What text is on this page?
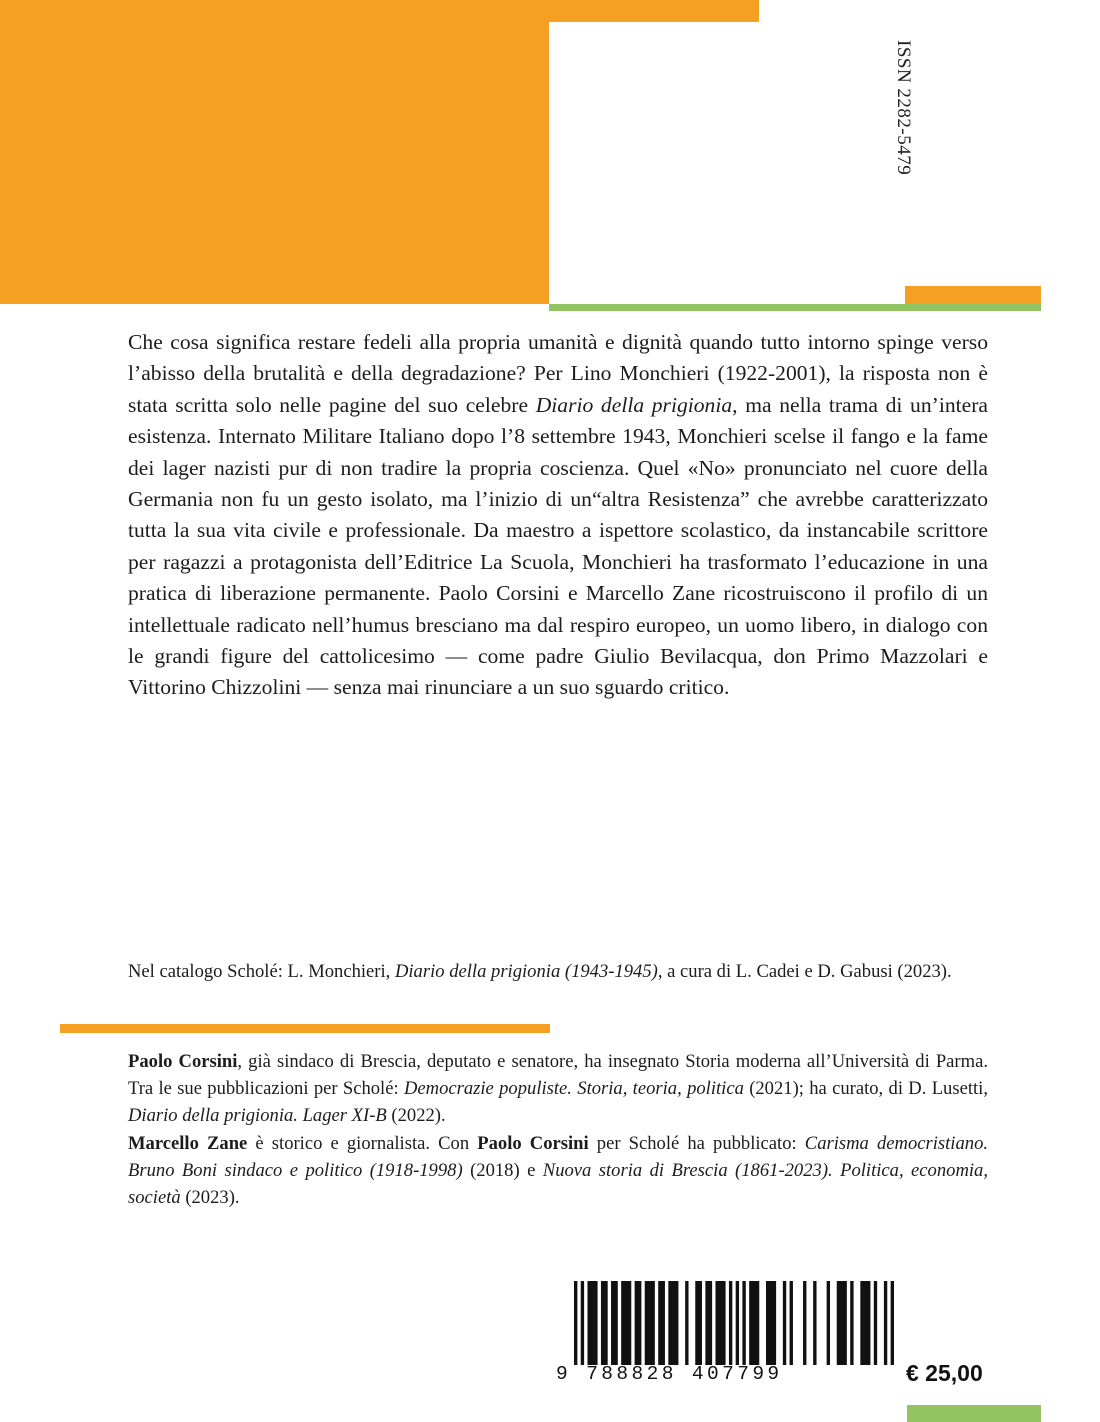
ISSN 2282-5479

Che cosa significa restare fedeli alla propria umanità e dignità quando tutto intorno spinge verso l’abisso della brutalità e della degradazione? Per Lino Monchieri (1922-2001), la risposta non è stata scritta solo nelle pagine del suo celebre Diario della prigionia, ma nella trama di un’intera esistenza. Internato Militare Italiano dopo l’8 settembre 1943, Monchieri scelse il fango e la fame dei lager nazisti pur di non tradire la propria coscienza. Quel «No» pronunciato nel cuore della Germania non fu un gesto isolato, ma l’inizio di un“altra Resistenza” che avrebbe caratterizzato tutta la sua vita civile e professionale. Da maestro a ispettore scolastico, da instancabile scrittore per ragazzi a protagonista dell’Editrice La Scuola, Monchieri ha trasformato l’educazione in una pratica di liberazione permanente. Paolo Corsini e Marcello Zane ricostruiscono il profilo di un intellettuale radicato nell’humus bresciano ma dal respiro europeo, un uomo libero, in dialogo con le grandi figure del cattolicesimo — come padre Giulio Bevilacqua, don Primo Mazzolari e Vittorino Chizzolini — senza mai rinunciare a un suo sguardo critico.

Nel catalogo Scholé: L. Monchieri, Diario della prigionia (1943-1945), a cura di L. Cadei e D. Gabusi (2023).

Paolo Corsini, già sindaco di Brescia, deputato e senatore, ha insegnato Storia moderna all’Università di Parma. Tra le sue pubblicazioni per Scholé: Democrazie populiste. Storia, teoria, politica (2021); ha curato, di D. Lusetti, Diario della prigionia. Lager XI-B (2022).

Marcello Zane è storico e giornalista. Con Paolo Corsini per Scholé ha pubblicato: Carisma democristiano. Bruno Boni sindaco e politico (1918-1998) (2018) e Nuova storia di Brescia (1861-2023). Politica, economia, società (2023).

9 788828 407799	€ 25,00
